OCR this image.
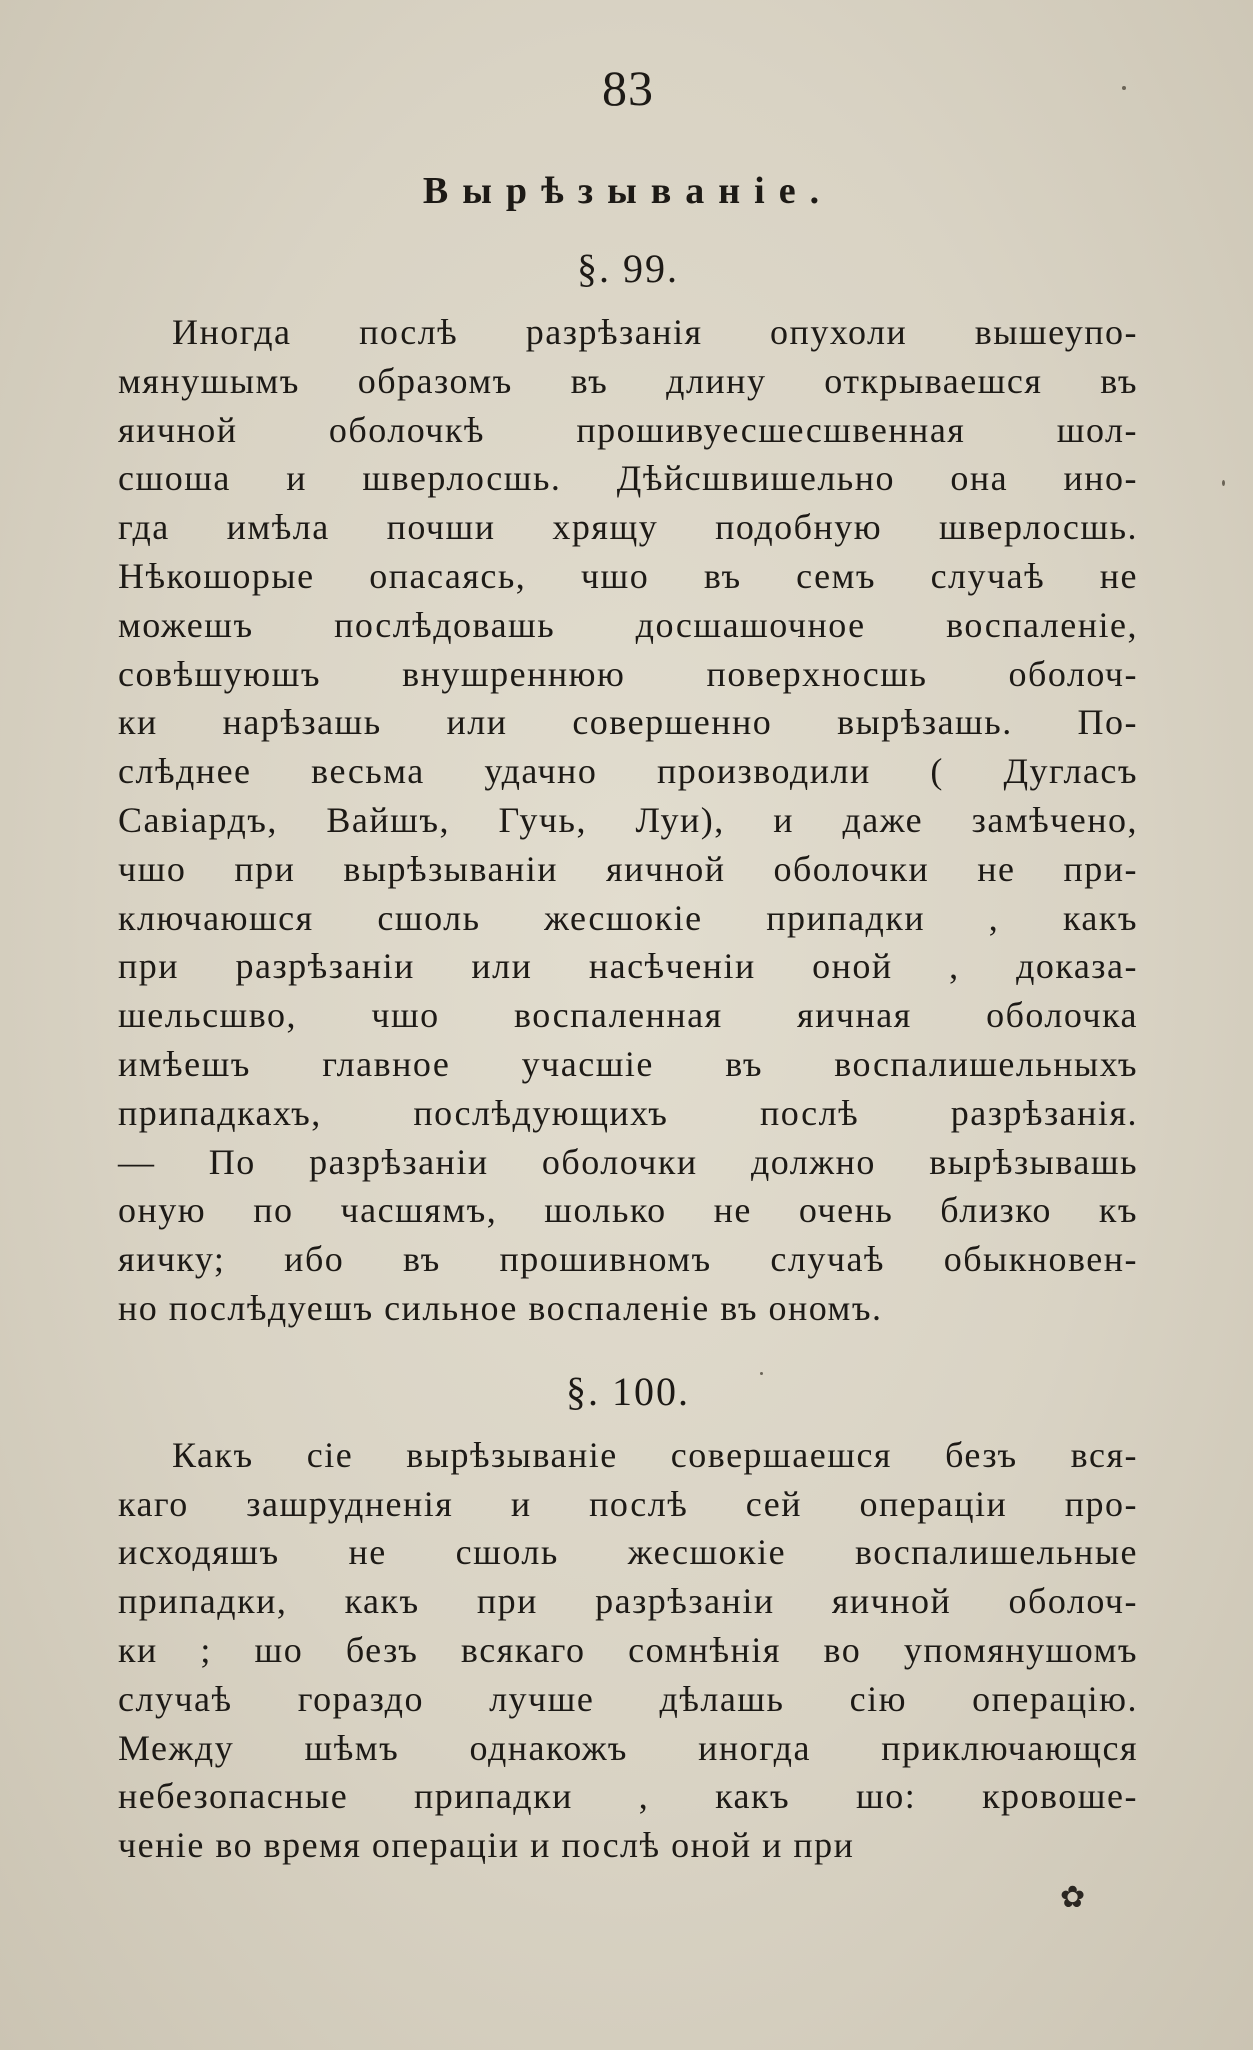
83
Вырѣзываніе.
§. 99.
Иногда послѣ разрѣзанія опухоли вышеупо-
мянушымъ образомъ въ длину открываешся въ
яичной оболочкѣ прошивуесшесшвенная шол-
сшоша и шверлосшь. Дѣйсшвишельно она ино-
гда имѣла почши хрящу подобную шверлосшь.
Нѣкошорые опасаясь, чшо въ семъ случаѣ не
можешъ послѣдовашь досшашочное воспаленіе,
совѣшуюшъ внушреннюю поверхносшь оболоч-
ки нарѣзашь или совершенно вырѣзашь. По-
слѣднее весьма удачно производили ( Дугласъ
Савіардъ, Вайшъ, Гучь, Луи), и даже замѣчено,
чшо при вырѣзываніи яичной оболочки не при-
ключаюшся сшоль жесшокіе припадки , какъ
при разрѣзаніи или насѣченіи оной , доказа-
шельсшво, чшо воспаленная яичная оболочка
имѣешъ главное учасшіе въ воспалишельныхъ
припадкахъ, послѣдующихъ послѣ разрѣзанія.
— По разрѣзаніи оболочки должно вырѣзывашь
оную по часшямъ, шолько не очень близко къ
яичку; ибо въ прошивномъ случаѣ обыкновен-
но послѣдуешъ сильное воспаленіе въ ономъ.
§. 100.
Какъ сіе вырѣзываніе совершаешся безъ вся-
каго зашрудненія и послѣ сей операціи про-
исходяшъ не сшоль жесшокіе воспалишельные
припадки, какъ при разрѣзаніи яичной оболоч-
ки ; шо безъ всякаго сомнѣнія во упомянушомъ
случаѣ гораздо лучше дѣлашь сію операцію.
Между шѣмъ однакожъ иногда приключающся
небезопасные припадки , какъ шо: кровоше-
ченіе во время операціи и послѣ оной и при
✿
